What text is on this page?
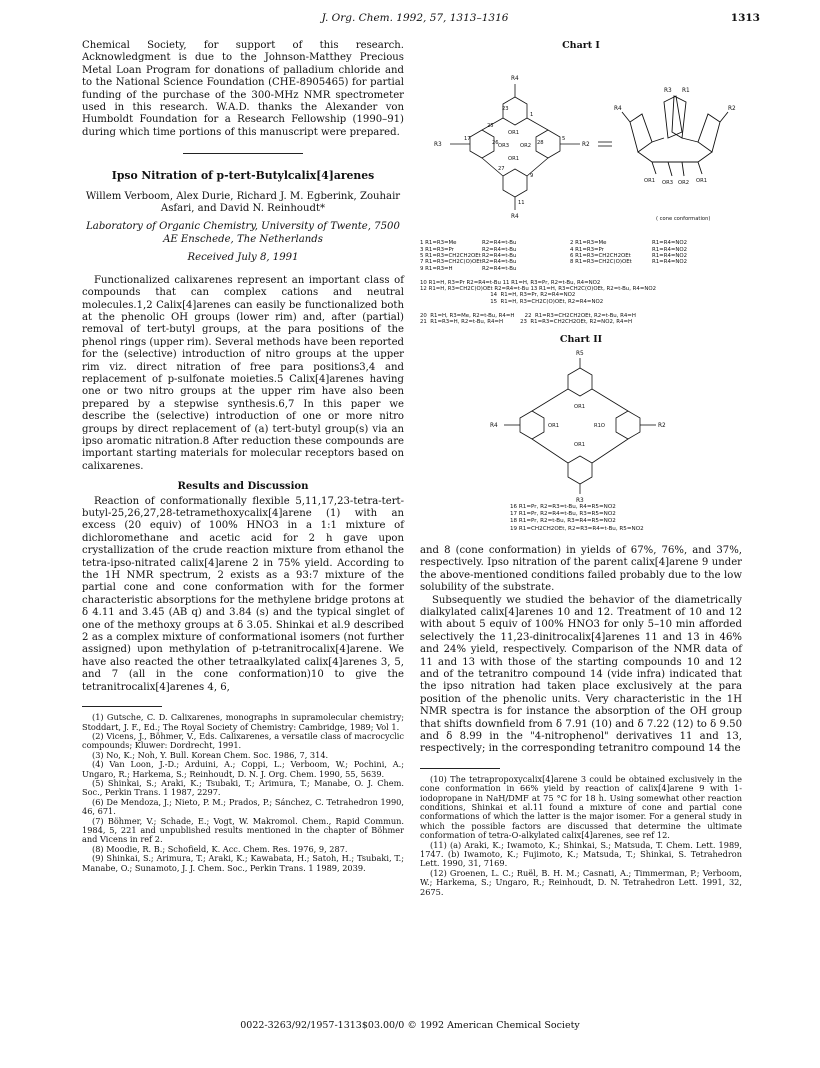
J. Org. Chem. 1992, 57, 1313–1316	1313

Chemical Society, for support of this research. Acknowledgment is due to the Johnson-Matthey Precious Metal Loan Program for donations of palladium chloride and to the National Science Foundation (CHE-8905465) for partial funding of the purchase of the 300-MHz NMR spectrometer used in this research. W.A.D. thanks the Alexander von Humboldt Foundation for a Research Fellowship (1990–91) during which time portions of this manuscript were prepared.

Ipso Nitration of p-tert-Butylcalix[4]arenes
Willem Verboom, Alex Durie, Richard J. M. Egberink, Zouhair Asfari, and David N. Reinhoudt*
Laboratory of Organic Chemistry, University of Twente, 7500 AE Enschede, The Netherlands
Received July 8, 1991

Functionalized calixarenes represent an important class of compounds that can complex cations and neutral molecules.1,2 Calix[4]arenes can easily be functionalized both at the phenolic OH groups (lower rim) and, after (partial) removal of tert-butyl groups, at the para positions of the phenol rings (upper rim). Several methods have been reported for the (selective) introduction of nitro groups at the upper rim viz. direct nitration of free para positions3,4 and replacement of p-sulfonate moieties.5 Calix[4]arenes having one or two nitro groups at the upper rim have also been prepared by a stepwise synthesis.6,7 In this paper we describe the (selective) introduction of one or more nitro groups by direct replacement of (a) tert-butyl group(s) via an ipso aromatic nitration.8 After reduction these compounds are important starting materials for molecular receptors based on calixarenes.

Results and Discussion

Reaction of conformationally flexible 5,11,17,23-tetra-tert-butyl-25,26,27,28-tetramethoxycalix[4]arene (1) with an excess (20 equiv) of 100% HNO3 in a 1:1 mixture of dichloromethane and acetic acid for 2 h gave upon crystallization of the crude reaction mixture from ethanol the tetra-ipso-nitrated calix[4]arene 2 in 75% yield. According to the 1H NMR spectrum, 2 exists as a 93:7 mixture of the partial cone and cone conformation with for the former characteristic absorptions for the methylene bridge protons at δ 4.11 and 3.45 (AB q) and 3.84 (s) and the typical singlet of one of the methoxy groups at δ 3.05. Shinkai et al.9 described 2 as a complex mixture of conformational isomers (not further assigned) upon methylation of p-tetranitrocalix[4]arene. We have also reacted the other tetraalkylated calix[4]arenes 3, 5, and 7 (all in the cone conformation)10 to give the tetranitrocalix[4]arenes 4, 6,

(1) Gutsche, C. D. Calixarenes, monographs in supramolecular chemistry; Stoddart, J. F., Ed.; The Royal Society of Chemistry: Cambridge, 1989; Vol 1.
(2) Vicens, J., Böhmer, V., Eds. Calixarenes, a versatile class of macrocyclic compounds; Kluwer: Dordrecht, 1991.
(3) No, K.; Noh, Y. Bull. Korean Chem. Soc. 1986, 7, 314.
(4) Van Loon, J.-D.; Arduini, A.; Coppi, L.; Verboom, W.; Pochini, A.; Ungaro, R.; Harkema, S.; Reinhoudt, D. N. J. Org. Chem. 1990, 55, 5639.
(5) Shinkai, S.; Araki, K.; Tsubaki, T.; Arimura, T.; Manabe, O. J. Chem. Soc., Perkin Trans. 1 1987, 2297.
(6) De Mendoza, J.; Nieto, P. M.; Prados, P.; Sánchez, C. Tetrahedron 1990, 46, 671.
(7) Böhmer, V.; Schade, E.; Vogt, W. Makromol. Chem., Rapid Commun. 1984, 5, 221 and unpublished results mentioned in the chapter of Böhmer and Vicens in ref 2.
(8) Moodie, R. B.; Schofield, K. Acc. Chem. Res. 1976, 9, 287.
(9) Shinkai, S.; Arimura, T.; Araki, K.; Kawabata, H.; Satoh, H.; Tsubaki, T.; Manabe, O.; Sunamoto, J. J. Chem. Soc., Perkin Trans. 1 1989, 2039.
Chart I
R4
R4
R3	R2
OR1
OR1
OR3 OR2
23
1
25
17
26	28
5
27
9
11
R4
R3 R1
R2
OR1 OR3 OR2 OR1
( cone conformation)
1 R1=R3=Me	R2=R4=t-Bu	2 R1=R3=Me	R1=R4=NO2
3 R1=R3=Pr	R2=R4=t-Bu	4 R1=R3=Pr	R1=R4=NO2
5 R1=R3=CH2CH2OEtR2=R4=t-Bu	6 R1=R3=CH2CH2OEt	R1=R4=NO2
7 R1=R3=CH2C(O)OEtR2=R4=t-Bu	8 R1=R3=CH2C(O)OEt	R1=R4=NO2
9 R1=R3=H	R2=R4=t-Bu
10 R1=H, R3=Pr R2=R4=t-Bu 11 R1=H, R3=Pr, R2=t-Bu, R4=NO2
12 R1=H, R3=CH2C(O)OEt R2=R4=t-Bu 13 R1=H, R3=CH2C(O)OEt, R2=t-Bu, R4=NO2
14  R1=H, R3=Pr, R2=R4=NO2
15  R1=H, R3=CH2C(O)OEt, R2=R4=NO2
20  R1=H, R3=Me, R2=t-Bu, R4=H      22  R1=R3=CH2CH2OEt, R2=t-Bu, R4=H
21  R1=R3=H, R2=t-Bu, R4=H          23  R1=R3=CH2CH2OEt, R2=NO2, R4=H
Chart II
R5
R3
R4	R2
OR1
OR1	R1O
OR1
16 R1=Pr, R2=R3=t-Bu, R4=R5=NO2
17 R1=Pr, R2=R4=t-Bu, R3=R5=NO2
18 R1=Pr, R2=t-Bu, R3=R4=R5=NO2
19 R1=CH2CH2OEt, R2=R3=R4=t-Bu, R5=NO2

and 8 (cone conformation) in yields of 67%, 76%, and 37%, respectively. Ipso nitration of the parent calix[4]arene 9 under the above-mentioned conditions failed probably due to the low solubility of the substrate.

Subsequently we studied the behavior of the diametrically dialkylated calix[4]arenes 10 and 12. Treatment of 10 and 12 with about 5 equiv of 100% HNO3 for only 5–10 min afforded selectively the 11,23-dinitrocalix[4]arenes 11 and 13 in 46% and 24% yield, respectively. Comparison of the NMR data of 11 and 13 with those of the starting compounds 10 and 12 and of the tetranitro compound 14 (vide infra) indicated that the ipso nitration had taken place exclusively at the para position of the phenolic units. Very characteristic in the 1H NMR spectra is for instance the absorption of the OH group that shifts downfield from δ 7.91 (10) and δ 7.22 (12) to δ 9.50 and δ 8.99 in the "4-nitrophenol" derivatives 11 and 13, respectively; in the corresponding tetranitro compound 14 the

(10) The tetrapropoxycalix[4]arene 3 could be obtained exclusively in the cone conformation in 66% yield by reaction of calix[4]arene 9 with 1-iodopropane in NaH/DMF at 75 °C for 18 h. Using somewhat other reaction conditions, Shinkai et al.11 found a mixture of cone and partial cone conformations of which the latter is the major isomer. For a general study in which the possible factors are discussed that determine the ultimate conformation of tetra-O-alkylated calix[4]arenes, see ref 12.
(11) (a) Araki, K.; Iwamoto, K.; Shinkai, S.; Matsuda, T. Chem. Lett. 1989, 1747. (b) Iwamoto, K.; Fujimoto, K.; Matsuda, T.; Shinkai, S. Tetrahedron Lett. 1990, 31, 7169.
(12) Groenen, L. C.; Ruël, B. H. M.; Casnati, A.; Timmerman, P.; Verboom, W.; Harkema, S.; Ungaro, R.; Reinhoudt, D. N. Tetrahedron Lett. 1991, 32, 2675.
0022-3263/92/1957-1313$03.00/0 © 1992 American Chemical Society
